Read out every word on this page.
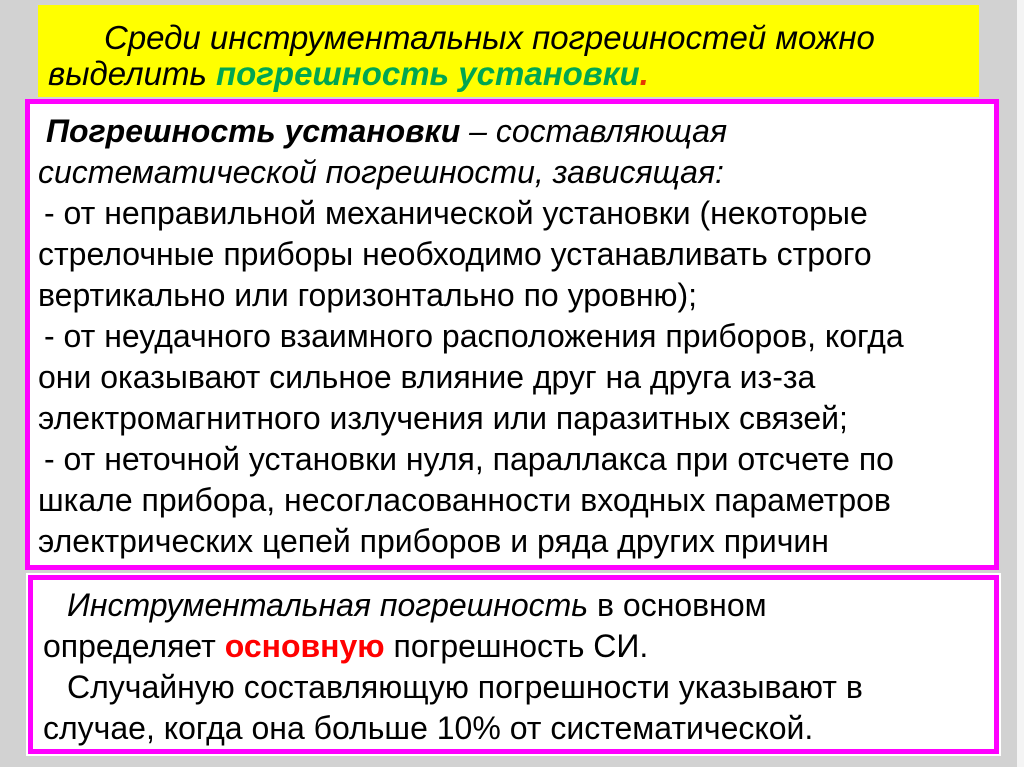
Среди инструментальных погрешностей можно
выделить погрешность установки.
Погрешность установки – составляющая
систематической погрешности, зависящая:
- от неправильной механической установки (некоторые
стрелочные приборы необходимо устанавливать строго
вертикально или горизонтально по уровню);
- от неудачного взаимного расположения приборов, когда
они оказывают сильное влияние друг на друга из-за
электромагнитного излучения или паразитных связей;
- от неточной установки нуля, параллакса при отсчете по
шкале прибора, несогласованности входных параметров
электрических цепей приборов и ряда других причин
Инструментальная погрешность в основном
определяет основную погрешность СИ.
Случайную составляющую погрешности указывают в
случае, когда она больше 10% от систематической.
